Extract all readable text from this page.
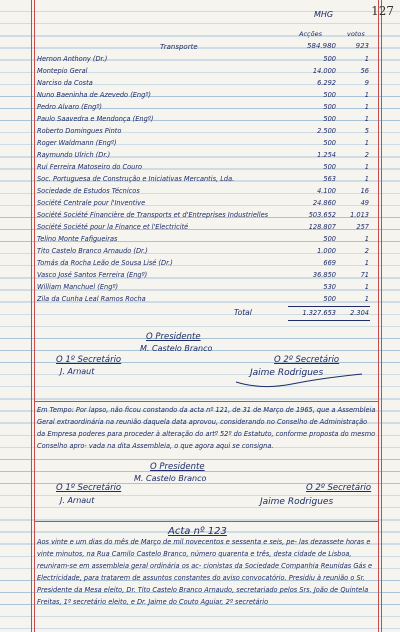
127
MHG
Acções	votos
Transporte	584.980	923
Hernon Anthony (Dr.)	500	1
Montepio Geral	14.000	56
Narciso da Costa	6.292	9
Nuno Baeninha de Azevedo (Engº)	500	1
Pedro Alvaro (Engº)	500	1
Paulo Saavedra e Mendonça (Engº)	500	1
Roberto Domingues Pinto	2.500	5
Roger Waldmann (Engº)	500	1
Raymundo Ulrich (Dr.)	1.254	2
Rui Ferreira Matoseiro do Couro	500	1
Soc. Portuguesa de Construção e Iniciativas Mercantis, Lda.	563	1
Sociedade de Estudos Técnicos	4.100	16
Société Centrale pour l'Inventive	24.860	49
Société Société Financière de Transports et d'Entreprises Industrielles	503.652	1.013
Société Société pour la Finance et l'Electricité	128.807	257
Telino Monte Fafigueiras	500	1
Tito Castelo Branco Arnaudo (Dr.)	1.000	2
Tomás da Rocha Leão de Sousa Lisé (Dr.)	669	1
Vasco José Santos Ferreira (Engº)	36.850	71
William Manchuel (Engº)	530	1
Zila da Cunha Leal Ramos Rocha	500	1
Total	1.327.653	2.304
O Presidente
M. Castelo Branco
O 1º Secretário
J. Arnaut
O 2º Secretário
Jaime Rodrigues
Em Tempo: Por lapso, não ficou constando da acta nº 121, de 31 de Março de 1965, que a Assembleia Geral extraordinária na reunião daquela data aprovou, considerando no Conselho de Administração da Empresa poderes para proceder à alteração do artº 52º do Estatuto, conforme proposta do mesmo Conselho apro- vada na dita Assembleia, o que agora aqui se consigna.
O Presidente
M. Castelo Branco
O 1º Secretário
J. Arnaut
O 2º Secretário
Jaime Rodrigues
Acta nº 123
Aos vinte e um dias do mês de Março de mil novecentos e sessenta e seis, pe- las dezassete horas e vinte minutos, na Rua Camilo Castelo Branco, número quarenta e três, desta cidade de Lisboa, reuniram-se em assembleia geral ordinária os ac- cionistas da Sociedade Companhia Reunidas Gás e Electricidade, para tratarem de assuntos constantes do aviso convocatório. Presidiu à reunião o Sr. Presidente da Mesa eleito, Dr. Tito Castelo Branco Arnaudo, secretariado pelos Srs. João de Quintela Freitas, 1º secretário eleito, e Dr. Jaime do Couto Aguiar, 2º secretário
